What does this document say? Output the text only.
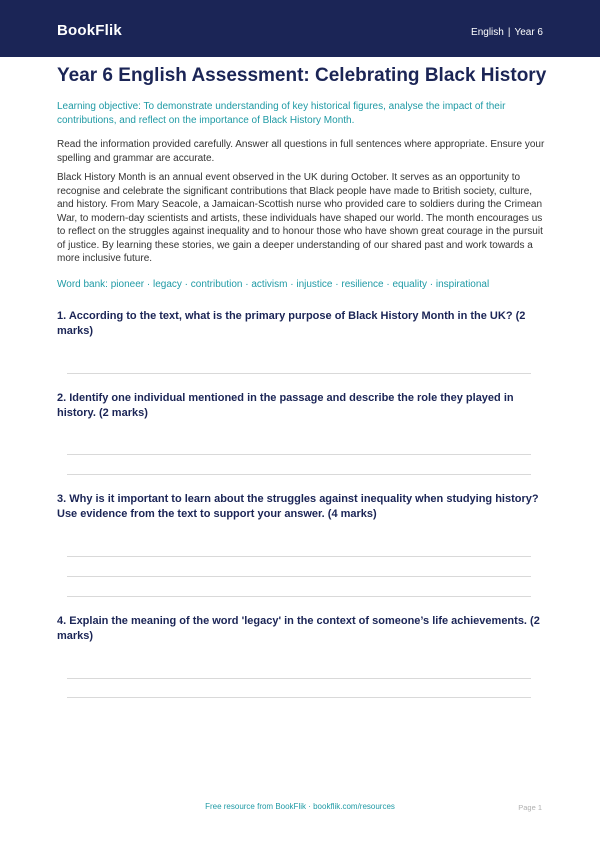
BookFlik	English | Year 6
Year 6 English Assessment: Celebrating Black History

Learning objective: To demonstrate understanding of key historical figures, analyse the impact of their contributions, and reflect on the importance of Black History Month.

Read the information provided carefully. Answer all questions in full sentences where appropriate. Ensure your spelling and grammar are accurate.

Black History Month is an annual event observed in the UK during October. It serves as an opportunity to recognise and celebrate the significant contributions that Black people have made to British society, culture, and history. From Mary Seacole, a Jamaican-Scottish nurse who provided care to soldiers during the Crimean War, to modern-day scientists and artists, these individuals have shaped our world. The month encourages us to reflect on the struggles against inequality and to honour those who have shown great courage in the pursuit of justice. By learning these stories, we gain a deeper understanding of our shared past and work towards a more inclusive future.

Word bank: pioneer · legacy · contribution · activism · injustice · resilience · equality · inspirational

1. According to the text, what is the primary purpose of Black History Month in the UK? (2 marks)

2. Identify one individual mentioned in the passage and describe the role they played in history. (2 marks)

3. Why is it important to learn about the struggles against inequality when studying history? Use evidence from the text to support your answer. (4 marks)

4. Explain the meaning of the word 'legacy' in the context of someone’s life achievements. (2 marks)

Free resource from BookFlik · bookflik.com/resources	Page 1
